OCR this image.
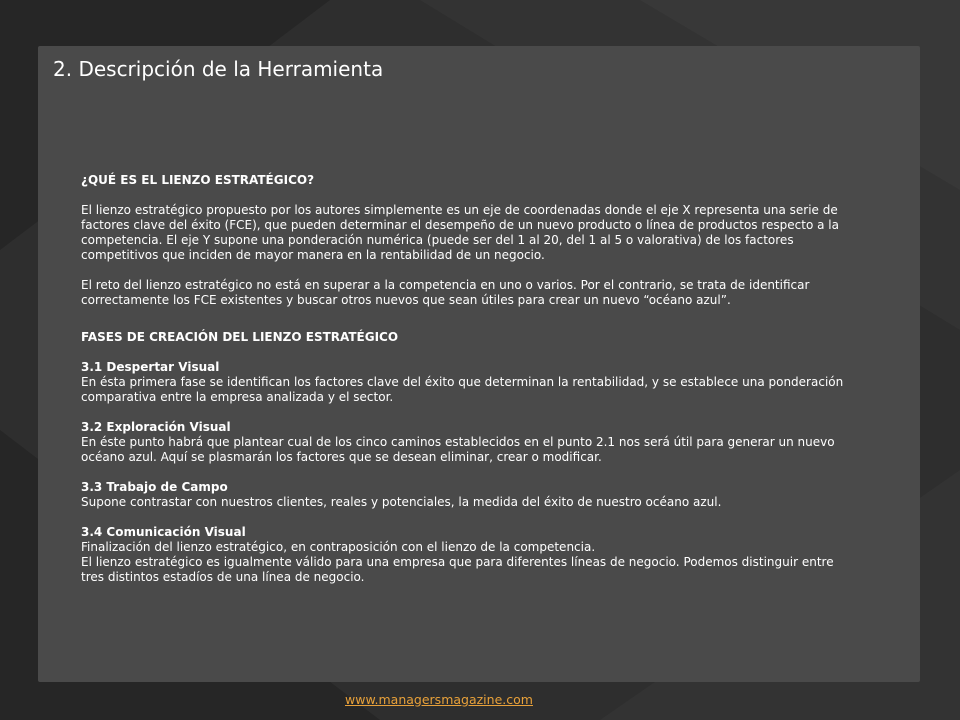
2. Descripción de la Herramienta

¿QUÉ ES EL LIENZO ESTRATÉGICO?

El lienzo estratégico propuesto por los autores simplemente es un eje de coordenadas donde el eje X representa una serie de factores clave del éxito (FCE), que pueden determinar el desempeño de un nuevo producto o línea de productos respecto a la competencia. El eje Y supone una ponderación numérica (puede ser del 1 al 20, del 1 al 5 o valorativa) de los factores competitivos que inciden de mayor manera en la rentabilidad de un negocio.

El reto del lienzo estratégico no está en superar a la competencia en uno o varios. Por el contrario, se trata de identificar correctamente los FCE existentes y buscar otros nuevos que sean útiles para crear un nuevo “océano azul”.

FASES DE CREACIÓN DEL LIENZO ESTRATÉGICO

3.1 Despertar Visual

En ésta primera fase se identifican los factores clave del éxito que determinan la rentabilidad, y se establece una ponderación comparativa entre la empresa analizada y el sector.

3.2 Exploración Visual

En éste punto habrá que plantear cual de los cinco caminos establecidos en el punto 2.1 nos será útil para generar un nuevo océano azul. Aquí se plasmarán los factores que se desean eliminar, crear o modificar.

3.3 Trabajo de Campo

Supone contrastar con nuestros clientes, reales y potenciales, la medida del éxito de nuestro océano azul.

3.4 Comunicación Visual

Finalización del lienzo estratégico, en contraposición con el lienzo de la competencia.

El lienzo estratégico es igualmente válido para una empresa que para diferentes líneas de negocio. Podemos distinguir entre tres distintos estadíos de una línea de negocio.

www.managersmagazine.com
